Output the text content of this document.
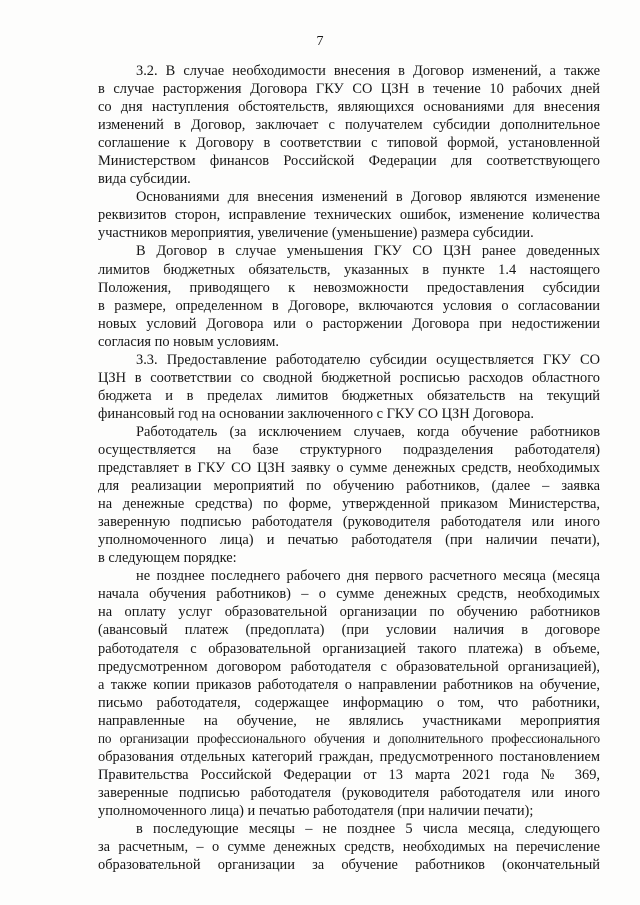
7
3.2. В случае необходимости внесения в Договор изменений, а также
в случае расторжения Договора ГКУ СО ЦЗН в течение 10 рабочих дней
со дня наступления обстоятельств, являющихся основаниями для внесения
изменений в Договор, заключает с получателем субсидии дополнительное
соглашение к Договору в соответствии с типовой формой, установленной
Министерством финансов Российской Федерации для соответствующего
вида субсидии.
Основаниями для внесения изменений в Договор являются изменение
реквизитов сторон, исправление технических ошибок, изменение количества
участников мероприятия, увеличение (уменьшение) размера субсидии.
В Договор в случае уменьшения ГКУ СО ЦЗН ранее доведенных
лимитов бюджетных обязательств, указанных в пункте 1.4 настоящего
Положения, приводящего к невозможности предоставления субсидии
в размере, определенном в Договоре, включаются условия о согласовании
новых условий Договора или о расторжении Договора при недостижении
согласия по новым условиям.
3.3. Предоставление работодателю субсидии осуществляется ГКУ СО
ЦЗН в соответствии со сводной бюджетной росписью расходов областного
бюджета и в пределах лимитов бюджетных обязательств на текущий
финансовый год на основании заключенного с ГКУ СО ЦЗН Договора.
Работодатель (за исключением случаев, когда обучение работников
осуществляется на базе структурного подразделения работодателя)
представляет в ГКУ СО ЦЗН заявку о сумме денежных средств, необходимых
для реализации мероприятий по обучению работников, (далее – заявка
на денежные средства) по форме, утвержденной приказом Министерства,
заверенную подписью работодателя (руководителя работодателя или иного
уполномоченного лица) и печатью работодателя (при наличии печати),
в следующем порядке:
не позднее последнего рабочего дня первого расчетного месяца (месяца
начала обучения работников) – о сумме денежных средств, необходимых
на оплату услуг образовательной организации по обучению работников
(авансовый платеж (предоплата) (при условии наличия в договоре
работодателя с образовательной организацией такого платежа) в объеме,
предусмотренном договором работодателя с образовательной организацией),
а также копии приказов работодателя о направлении работников на обучение,
письмо работодателя, содержащее информацию о том, что работники,
направленные на обучение, не являлись участниками мероприятия
по организации профессионального обучения и дополнительного профессионального
образования отдельных категорий граждан, предусмотренного постановлением
Правительства Российской Федерации от 13 марта 2021 года № 369,
заверенные подписью работодателя (руководителя работодателя или иного
уполномоченного лица) и печатью работодателя (при наличии печати);
в последующие месяцы – не позднее 5 числа месяца, следующего
за расчетным, – о сумме денежных средств, необходимых на перечисление
образовательной организации за обучение работников (окончательный
